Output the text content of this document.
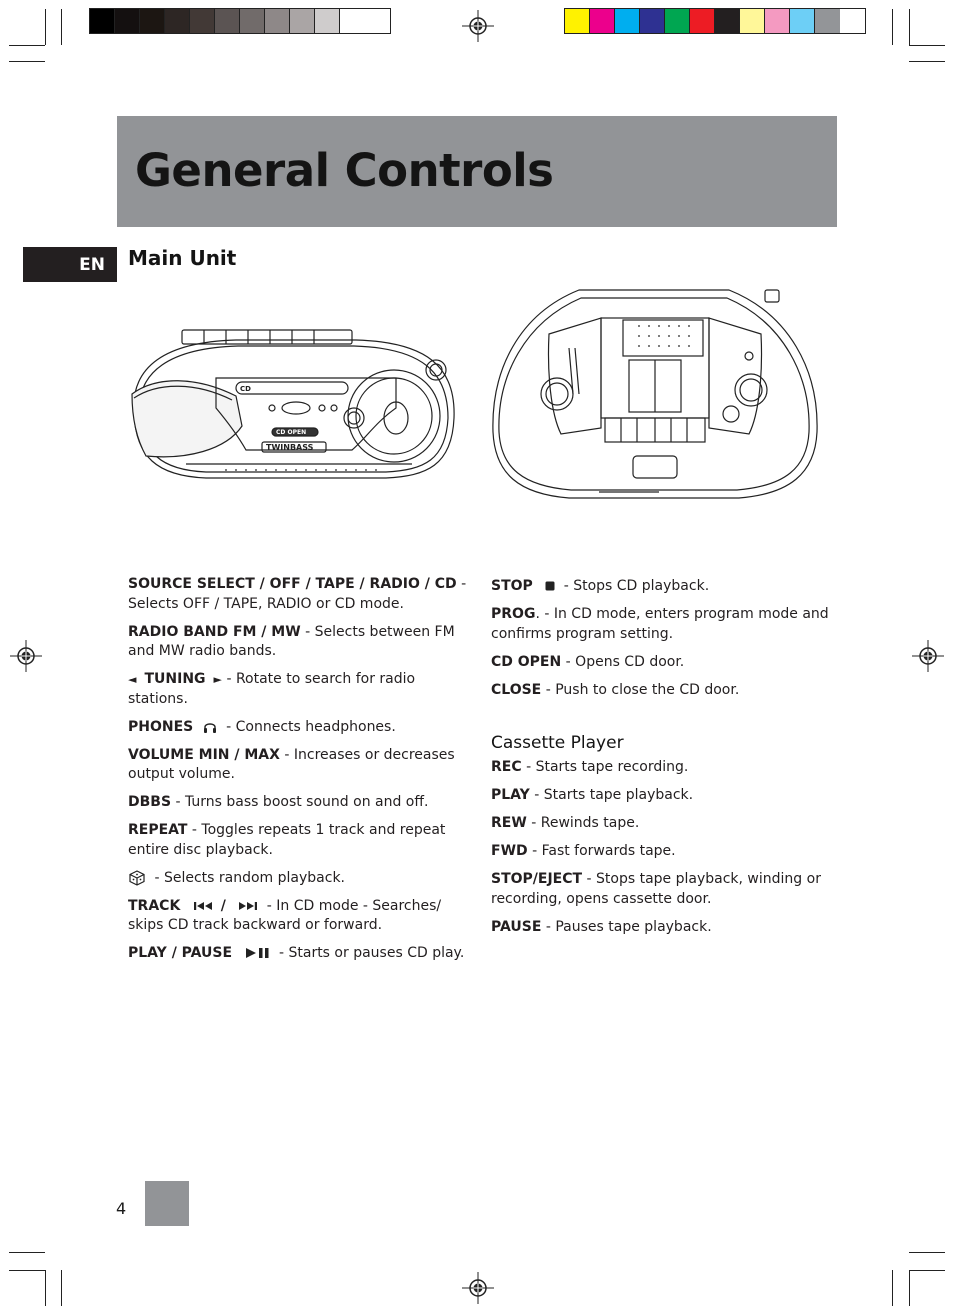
General Controls
EN	Main Unit
CD
CD OPEN
TWINBASS

SOURCE SELECT / OFF / TAPE / RADIO / CD - Selects OFF / TAPE, RADIO or CD mode.

RADIO BAND FM / MW - Selects between FM and MW radio bands.

◄ TUNING ► - Rotate to search for radio stations.

PHONES  - Connects headphones.

VOLUME MIN / MAX - Increases or decreases output volume.

DBBS - Turns bass boost sound on and off.

REPEAT - Toggles repeats 1 track and repeat entire disc playback.

- Selects random playback.

TRACK	/	- In CD mode - Searches/ skips CD track backward or forward.

PLAY / PAUSE	- Starts or pauses CD play.

STOP  - Stops CD playback.

PROG. - In CD mode, enters program mode and confirms program setting.

CD OPEN - Opens CD door.

CLOSE - Push to close the CD door.

Cassette Player

REC - Starts tape recording.

PLAY - Starts tape playback.

REW - Rewinds tape.

FWD - Fast forwards tape.

STOP/EJECT - Stops tape playback, winding or recording, opens cassette door.

PAUSE - Pauses tape playback.

4
